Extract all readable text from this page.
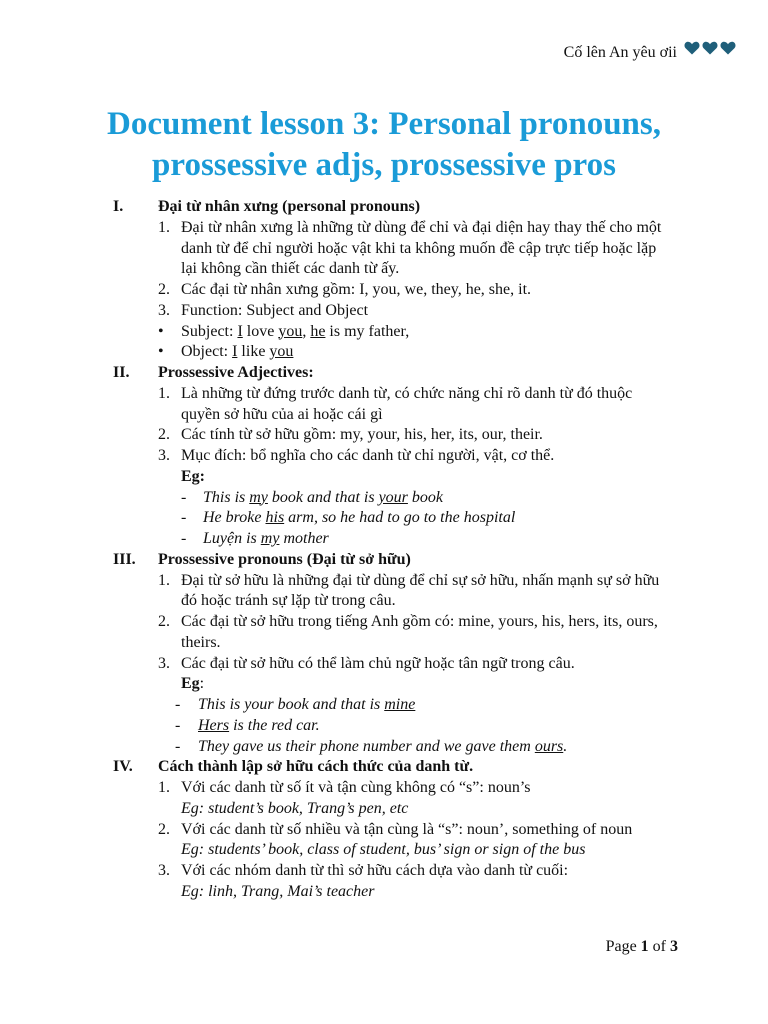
Cố lên An yêu ơii
Document lesson 3: Personal pronouns,
prossessive adjs, prossessive pros
I. Đại từ nhân xưng (personal pronouns)
1. Đại từ nhân xưng là những từ dùng để chỉ và đại diện hay thay thế cho một
danh từ để chỉ người hoặc vật khi ta không muốn đề cập trực tiếp hoặc lặp
lại không cần thiết các danh từ ấy.
2. Các đại từ nhân xưng gồm: I, you, we, they, he, she, it.
3. Function: Subject and Object
• Subject: I love you, he is my father,
• Object: I like you
II. Prossessive Adjectives:
1. Là những từ đứng trước danh từ, có chức năng chỉ rõ danh từ đó thuộc
quyền sở hữu của ai hoặc cái gì
2. Các tính từ sở hữu gồm: my, your, his, her, its, our, their.
3. Mục đích: bổ nghĩa cho các danh từ chỉ người, vật, cơ thể.
Eg:
- This is my book and that is your book
- He broke his arm, so he had to go to the hospital
- Luyện is my mother
III. Prossessive pronouns (Đại từ sở hữu)
1. Đại từ sở hữu là những đại từ dùng để chỉ sự sở hữu, nhấn mạnh sự sở hữu
đó hoặc tránh sự lặp từ trong câu.
2. Các đại từ sở hữu trong tiếng Anh gồm có: mine, yours, his, hers, its, ours,
theirs.
3. Các đại từ sở hữu có thể làm chủ ngữ hoặc tân ngữ trong câu.
Eg:
- This is your book and that is mine
- Hers is the red car.
- They gave us their phone number and we gave them ours.
IV. Cách thành lập sở hữu cách thức của danh từ.
1. Với các danh từ số ít và tận cùng không có “s”: noun’s
Eg: student’s book, Trang’s pen, etc
2. Với các danh từ số nhiều và tận cùng là “s”: noun’, something of noun
Eg: students’ book, class of student, bus’ sign or sign of the bus
3. Với các nhóm danh từ thì sở hữu cách dựa vào danh từ cuối:
Eg: linh, Trang, Mai’s teacher
Page 1 of 3
